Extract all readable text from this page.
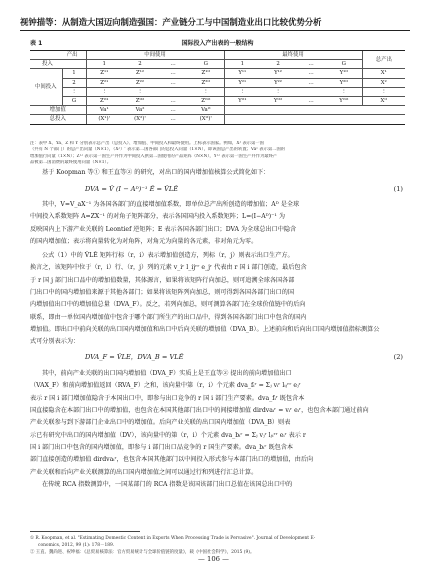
视钟描等：从制造大国迈向制造强国：产业链分工与中国制造业出口比较优势分析
表 1	国际投入产出表的一般结构
产出		中间使用				最终使用				总产出
投入		1	2	…	G	1	2	…	G	
中间投入	1	Z¹¹	Z¹²	…	Z¹ᴳ	Y¹¹	Y¹²	…	Y¹ᴳ	X¹
	2	Z²¹	Z²²	…	Z²ᴳ	Y²¹	Y²²	…	Y²ᴳ	X²
	⋮	⋮	⋮		⋮	⋮	⋮		⋮	⋮
	G	Zᴳ¹	Zᴳ²	…	Zᴳᴳ	Yᴳ¹	Yᴳ²	…	Yᴳᴳ	Xᴳ
增加值		Va¹	Va²	…	Vaᴳ					
总投入		(X¹)'	(X²)'	…	(Xᴳ)'					
注：表中 X、Ya、Z 和 Y 分别表示总产出（总投入）、增加值、中间投入和最终使用。上标表示国家。例如，X¹ 表示第一国
（共有 N 个部门）的总产出向量（N×1），（X²）' 表示第二国各部门的总投入向量（1×N），即该国总产出的转置；Va¹ 表示第二国的
增加值行向量（1×N）；Z¹² 表示第一国生产并作为中间投入供第二国使用的产品矩阵（N×N），Y¹² 表示第一国生产并作为最终产
品被第二国消费的最终使用向量（N×1）。
基于 Koopman 等① 和王直等② 的研究，对出口的国内增加值核算公式简化如下：
DVA = V̂ (I − Aᴰ)⁻¹ Ê = V̂LÊ	(1)
其中，V=V_aX⁻¹ 为各国各部门的直接增加值系数，即单位总产出所创造的增加值；Aᴰ 是全球
中间投入系数矩阵 A=ZX⁻¹ 的对角子矩阵部分，表示各国国内投入系数矩阵；L=(I−Aᴰ)⁻¹ 为
反映国内上下游产业关联的 Leontief 逆矩阵；E 表示各国各部门出口；DVA 为全球总出口中隐含
的国内增加值；表示将向量转化为对角阵，对角元为向量的各元素，非对角元为零。
公式（1）中的 V̂LÊ 矩阵行标（r，i）表示增加值创造方，列标（r，j）则表示出口生产方。
换言之，该矩阵中位于（r，i）行、（r，j）列的元素 v_iʳ l_ijʳʳ e_jʳ 代表由 r 国 i 部门创造，最后包含
于 r 国 j 部门出口品中的增加值数量，其体源言，如果将该矩阵行向加总，则可追溯全球各国各部
门出口中的国内增加值来源于其他各部门；如果将该矩阵列向加总，则可得到各国各部门出口的国
内增加值出口中的增加值总量（DVA_F）。反之，若列向加总，则可测算各部门在全球价值链中的后向
联系，即由一单位国内增加值中包含于哪个部门所生产的出口品中，得到各国各部门出口中包含的国内
增加值。即出口中前向关联的出口国内增加值和出口中后向关联的增加值（DVA_B）。上述前向和后向出口国内增加值指标测算公
式可分别表示为：
DVA_F = V̂LE，DVA_B = VLÊ	(2)
其中，前向产业关联的出口国内增加值（DVA_F）实质上是王直等② 提出的前向增加值出口
（VAX_F）和前向增加值返回（RVA_F）之和，该向量中第（r，i）个元素 dva_fᵢʳ = Σⱼ vᵢʳ lᵢⱼʳʳ eⱼʳ
表示 r 国 i 部门增加值隐含于本国出口中，即参与出口竞争的 r 国 i 部门生产要素。dva_fᵢʳ 既包含本
国直接隐含在本部门出口中的增加值，也包含在本国其他部门出口中的间接增加值 dirdvaᵢʳ = vᵢʳ eᵢʳ，也包含本部门通过前向
产业关联参与到下游部门企业出口中的增加值。后向产业关联的出口国内增加值（DVA_B）则表
示已有研究中出口的国内增加值（DV），该向量中的第（r，i）个元素 dva_bᵢʳ = Σⱼ vⱼʳ lⱼᵢʳʳ eᵢʳ 表示 r
国 i 部门出口中包含的国内增加值，即参与 i 部门出口品竞争的 r 国生产要素。dva_bᵢʳ 既包含本
部门直接创造的增加值 dirdvaᵢʳ，也包含本国其他部门以中间投入形式参与本部门出口的增加值，由后向
产业关联和后向产业关联测算的出口国内增加值之间可以通过行和列进行汇总计算。
在传统 RCA 指数测算中，一国某部门的 RCA 指数是该国该部门出口总值在该国总出口中的
① R. Koopman, et al. "Estimating Domestic Content in Exports When Processing Trade is Pervasive". Journal of Development E-
conomics, 2012, 99 (1): 178－189.
② 王直、魏尚进、祝坤福：《总贸易核算法：官方贸易统计与全球价值链的度量》，载《中国社会科学》，2015 (9)。
— 106 —
